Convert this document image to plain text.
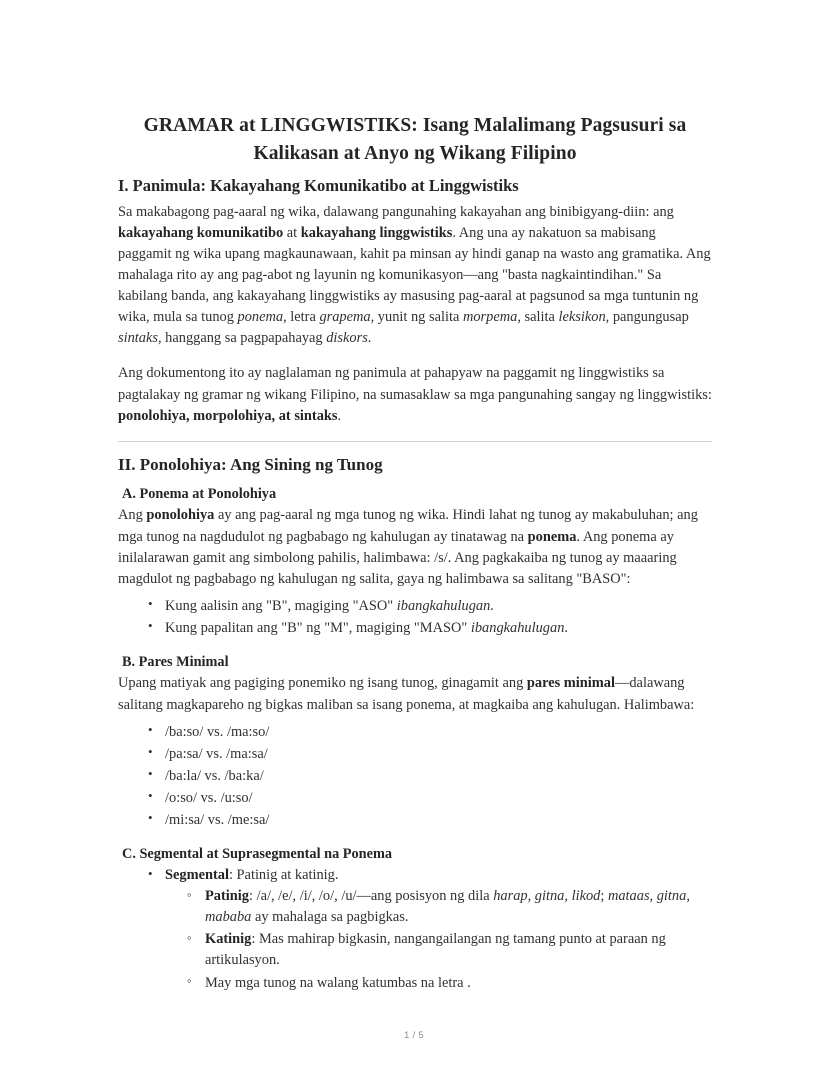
GRAMAR at LINGGWISTIKS: Isang Malalimang Pagsusuri sa Kalikasan at Anyo ng Wikang Filipino
I. Panimula: Kakayahang Komunikatibo at Linggwistiks

Sa makabagong pag-aaral ng wika, dalawang pangunahing kakayahan ang binibigyang-diin: ang kakayahang komunikatibo at kakayahang linggwistiks. Ang una ay nakatuon sa mabisang paggamit ng wika upang magkaunawaan, kahit pa minsan ay hindi ganap na wasto ang gramatika. Ang mahalaga rito ay ang pag-abot ng layunin ng komunikasyon—ang "basta nagkaintindihan." Sa kabilang banda, ang kakayahang linggwistiks ay masusing pag-aaral at pagsunod sa mga tuntunin ng wika, mula sa tunog ponema, letra grapema, yunit ng salita morpema, salita leksikon, pangungusap sintaks, hanggang sa pagpapahayag diskors.

Ang dokumentong ito ay naglalaman ng panimula at pahapyaw na paggamit ng linggwistiks sa pagtalakay ng gramar ng wikang Filipino, na sumasaklaw sa mga pangunahing sangay ng linggwistiks: ponolohiya, morpolohiya, at sintaks.

II. Ponolohiya: Ang Sining ng Tunog
A. Ponema at Ponolohiya

Ang ponolohiya ay ang pag-aaral ng mga tunog ng wika. Hindi lahat ng tunog ay makabuluhan; ang mga tunog na nagdudulot ng pagbabago ng kahulugan ay tinatawag na ponema. Ang ponema ay inilalarawan gamit ang simbolong pahilis, halimbawa: /s/. Ang pagkakaiba ng tunog ay maaaring magdulot ng pagbabago ng kahulugan ng salita, gaya ng halimbawa sa salitang "BASO":

• Kung aalisin ang "B", magiging "ASO" ibangkahulugan.
• Kung papalitan ang "B" ng "M", magiging "MASO" ibangkahulugan.
B. Pares Minimal

Upang matiyak ang pagiging ponemiko ng isang tunog, ginagamit ang pares minimal—dalawang salitang magkapareho ng bigkas maliban sa isang ponema, at magkaiba ang kahulugan. Halimbawa:

• /ba:so/ vs. /ma:so/
• /pa:sa/ vs. /ma:sa/
• /ba:la/ vs. /ba:ka/
• /o:so/ vs. /u:so/
• /mi:sa/ vs. /me:sa/
C. Segmental at Suprasegmental na Ponema
• Segmental: Patinig at katinig.
◦ Patinig: /a/, /e/, /i/, /o/, /u/—ang posisyon ng dila harap, gitna, likod; mataas, gitna, mababa ay mahalaga sa pagbigkas.
◦ Katinig: Mas mahirap bigkasin, nangangailangan ng tamang punto at paraan ng artikulasyon.
◦ May mga tunog na walang katumbas na letra .
1 / 5
